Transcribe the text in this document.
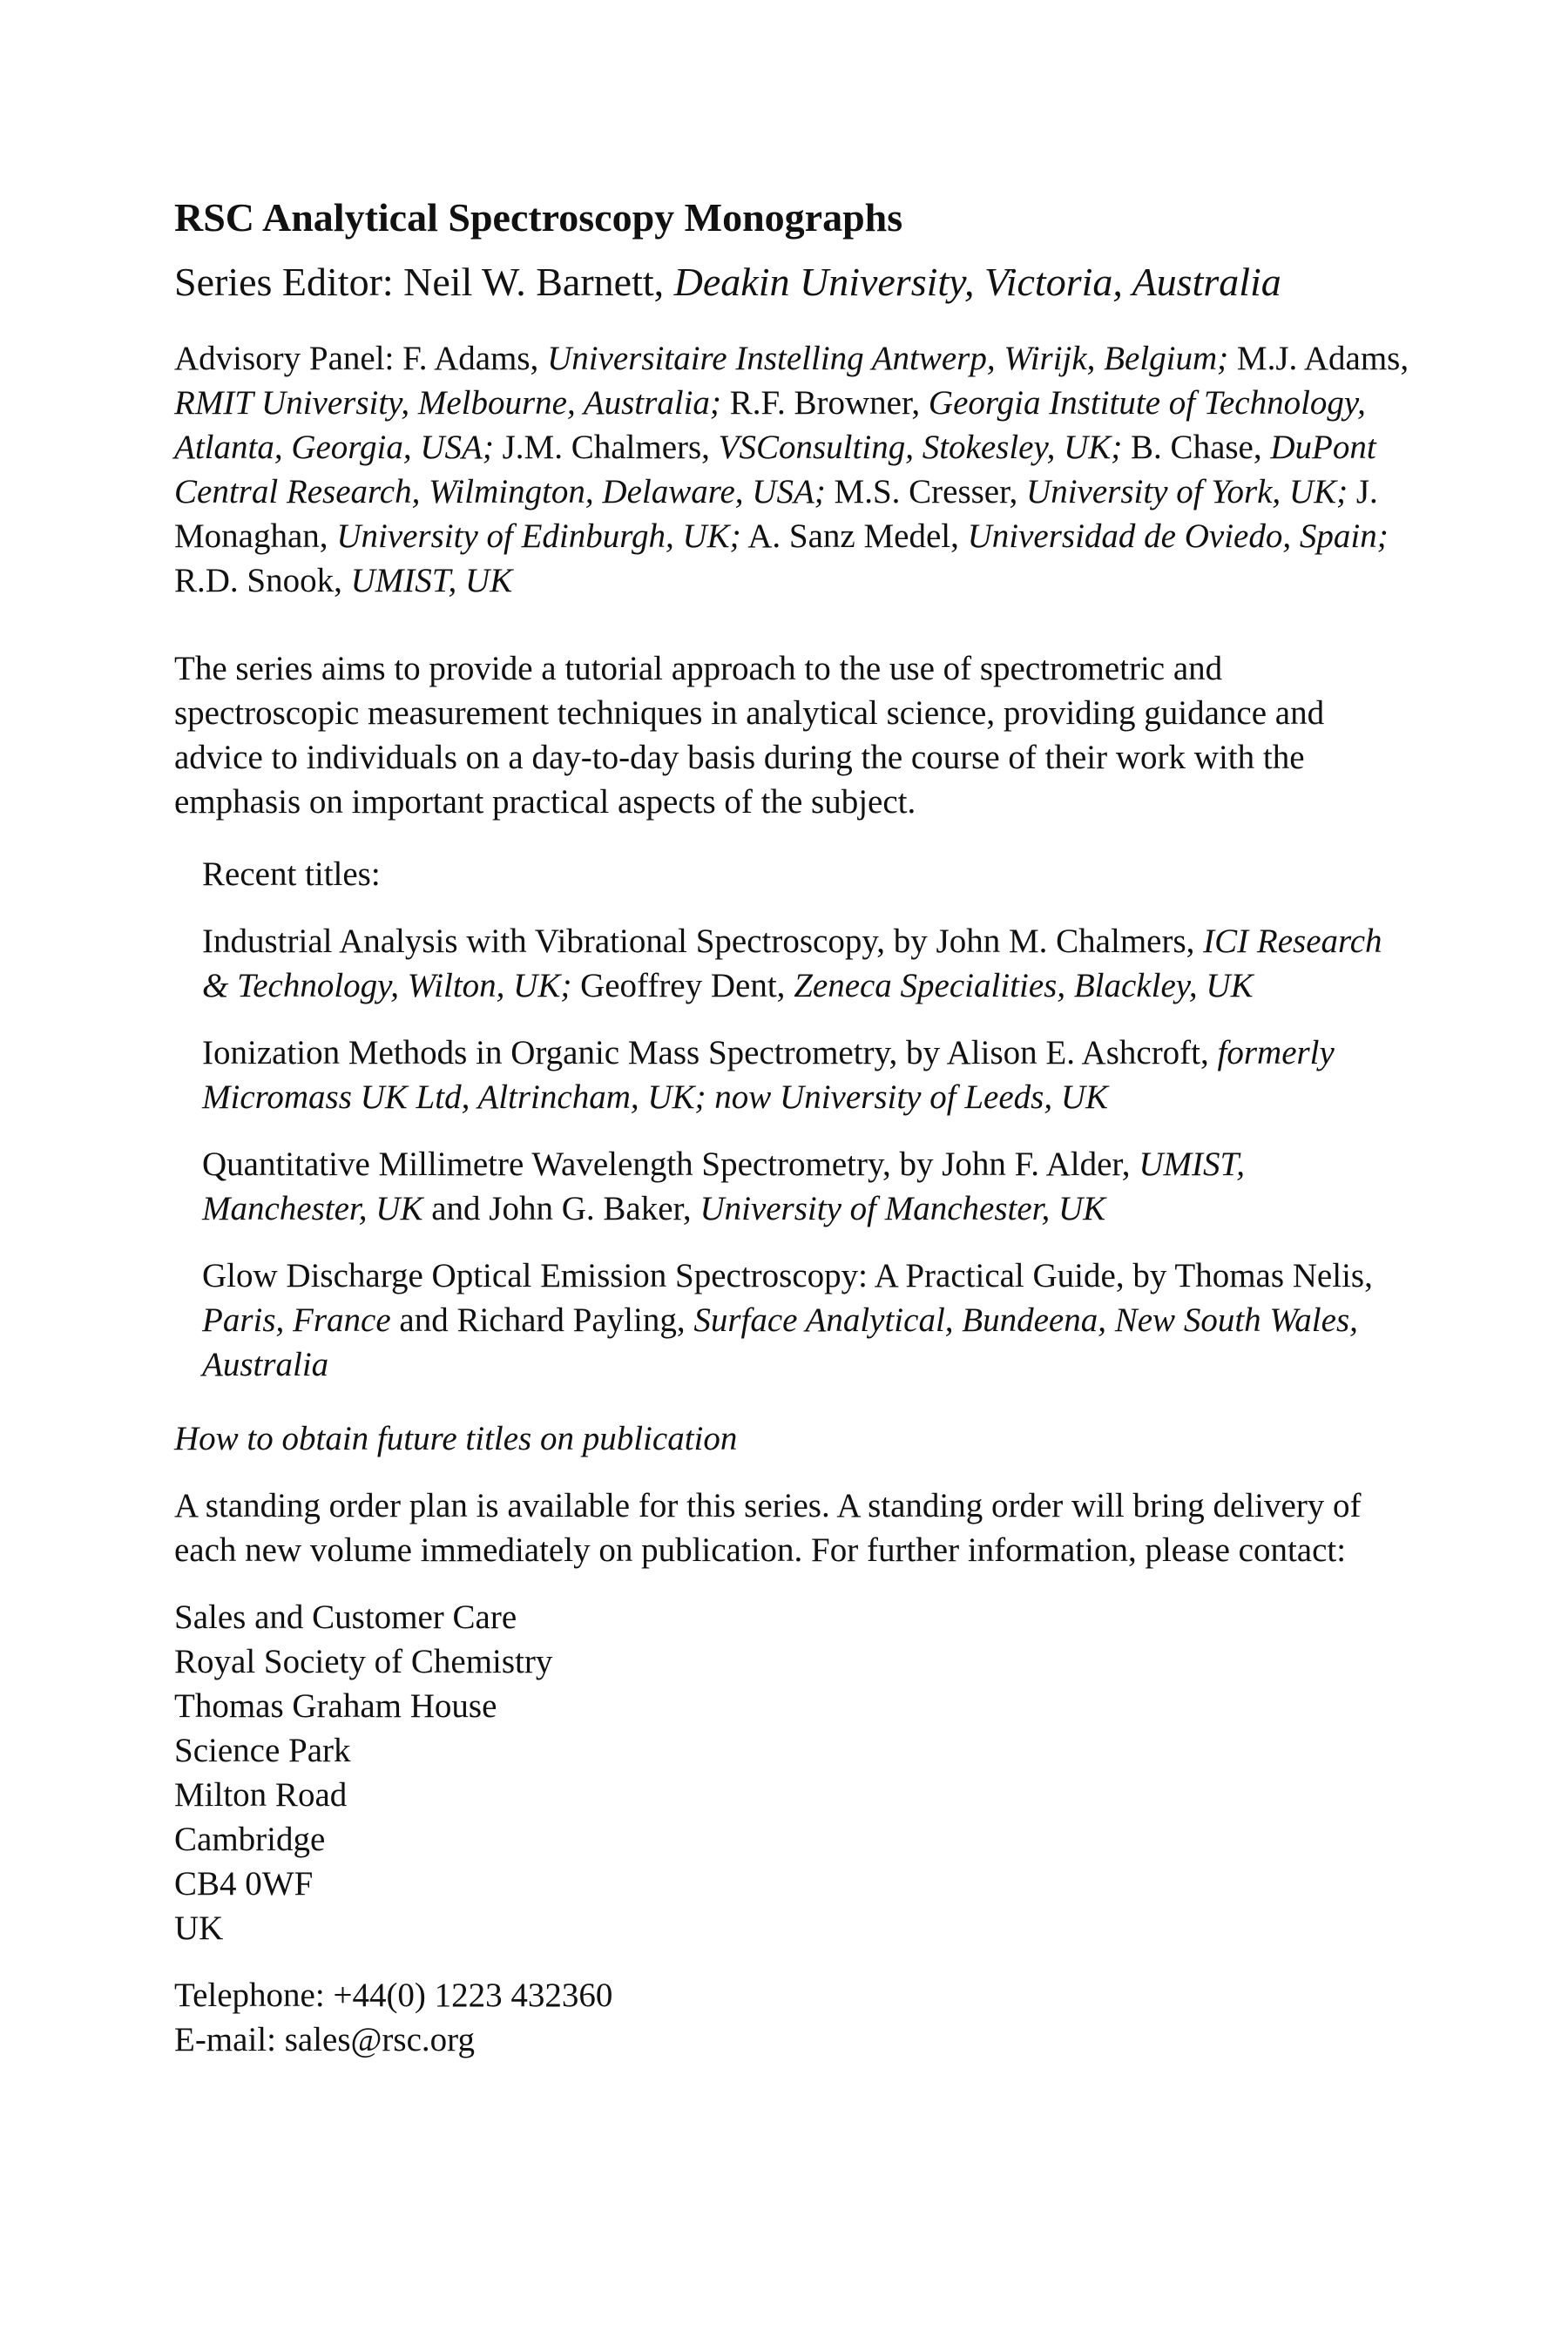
RSC Analytical Spectroscopy Monographs
Series Editor: Neil W. Barnett, Deakin University, Victoria, Australia
Advisory Panel: F. Adams, Universitaire Instelling Antwerp, Wirijk, Belgium; M.J. Adams, RMIT University, Melbourne, Australia; R.F. Browner, Georgia Institute of Technology, Atlanta, Georgia, USA; J.M. Chalmers, VSConsulting, Stokesley, UK; B. Chase, DuPont Central Research, Wilmington, Delaware, USA; M.S. Cresser, University of York, UK; J. Monaghan, University of Edinburgh, UK; A. Sanz Medel, Universidad de Oviedo, Spain; R.D. Snook, UMIST, UK
The series aims to provide a tutorial approach to the use of spectrometric and spectroscopic measurement techniques in analytical science, providing guidance and advice to individuals on a day-to-day basis during the course of their work with the emphasis on important practical aspects of the subject.
Recent titles:
Industrial Analysis with Vibrational Spectroscopy, by John M. Chalmers, ICI Research & Technology, Wilton, UK; Geoffrey Dent, Zeneca Specialities, Blackley, UK
Ionization Methods in Organic Mass Spectrometry, by Alison E. Ashcroft, formerly Micromass UK Ltd, Altrincham, UK; now University of Leeds, UK
Quantitative Millimetre Wavelength Spectrometry, by John F. Alder, UMIST, Manchester, UK and John G. Baker, University of Manchester, UK
Glow Discharge Optical Emission Spectroscopy: A Practical Guide, by Thomas Nelis, Paris, France and Richard Payling, Surface Analytical, Bundeena, New South Wales, Australia
How to obtain future titles on publication
A standing order plan is available for this series. A standing order will bring delivery of each new volume immediately on publication. For further information, please contact:
Sales and Customer Care
Royal Society of Chemistry
Thomas Graham House
Science Park
Milton Road
Cambridge
CB4 0WF
UK
Telephone: +44(0) 1223 432360
E-mail: sales@rsc.org
